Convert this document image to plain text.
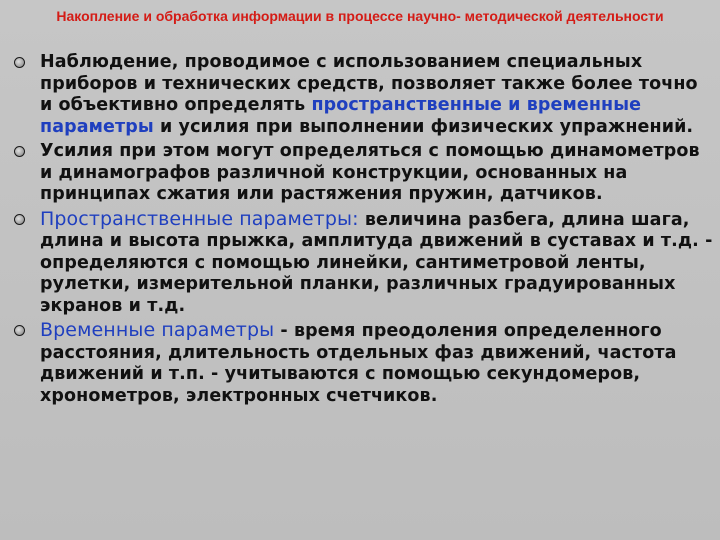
Накопление и обработка информации в процессе научно- методической деятельности
Наблюдение, проводимое с использованием специальных приборов и технических средств, позволяет также более точно и объективно определять пространственные и временные параметры и усилия при выполнении физических упражнений.
Усилия при этом могут определяться с помощью динамометров и динамографов различной конструкции, основанных на принципах сжатия или растяжения пружин, датчиков.
Пространственные параметры: величина разбега, длина шага, длина и высота прыжка, амплитуда движений в суставах и т.д. - определяются с помощью линейки, сантиметровой ленты, рулетки, измерительной планки, различных градуированных экранов и т.д.
Временные параметры - время преодоления определенного расстояния, длительность отдельных фаз движений, частота движений и т.п. - учитываются с помощью секундомеров, хронометров, электронных счетчиков.
